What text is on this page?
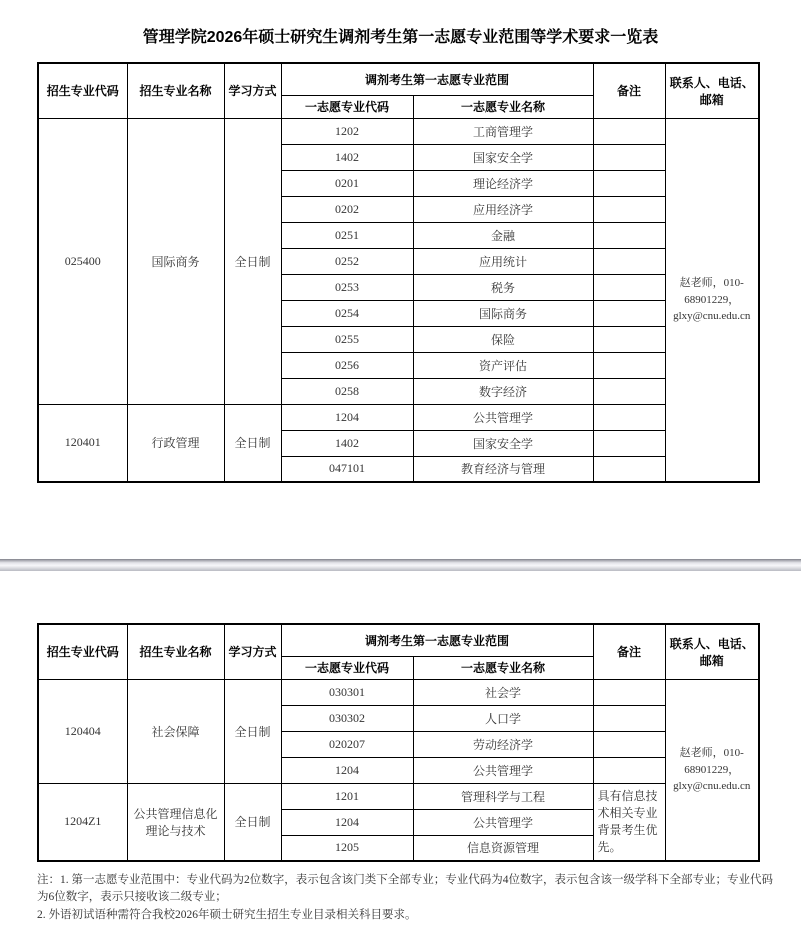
管理学院2026年硕士研究生调剂考生第一志愿专业范围等学术要求一览表
招生专业代码	招生专业名称	学习方式	调剂考生第一志愿专业范围		备注	联系人、电话、邮箱
			一志愿专业代码	一志愿专业名称		
025400	国际商务	全日制	1202	工商管理学		赵老师，010-68901229，glxy@cnu.edu.cn
			1402	国家安全学		
			0201	理论经济学		
			0202	应用经济学		
			0251	金融		
			0252	应用统计		
			0253	税务		
			0254	国际商务		
			0255	保险		
			0256	资产评估		
			0258	数字经济		
120401	行政管理	全日制	1204	公共管理学		
			1402	国家安全学		
			047101	教育经济与管理		
招生专业代码	招生专业名称	学习方式	调剂考生第一志愿专业范围		备注	联系人、电话、邮箱
			一志愿专业代码	一志愿专业名称		
120404	社会保障	全日制	030301	社会学		赵老师，010-68901229，glxy@cnu.edu.cn
			030302	人口学		
			020207	劳动经济学		
			1204	公共管理学		
1204Z1	公共管理信息化理论与技术	全日制	1201	管理科学与工程	具有信息技术相关专业背景考生优先。	
			1204	公共管理学		
			1205	信息资源管理		

注：1. 第一志愿专业范围中：专业代码为2位数字，表示包含该门类下全部专业；专业代码为4位数字，表示包含该一级学科下全部专业；专业代码为6位数字，表示只接收该二级专业；

2. 外语初试语种需符合我校2026年硕士研究生招生专业目录相关科目要求。
